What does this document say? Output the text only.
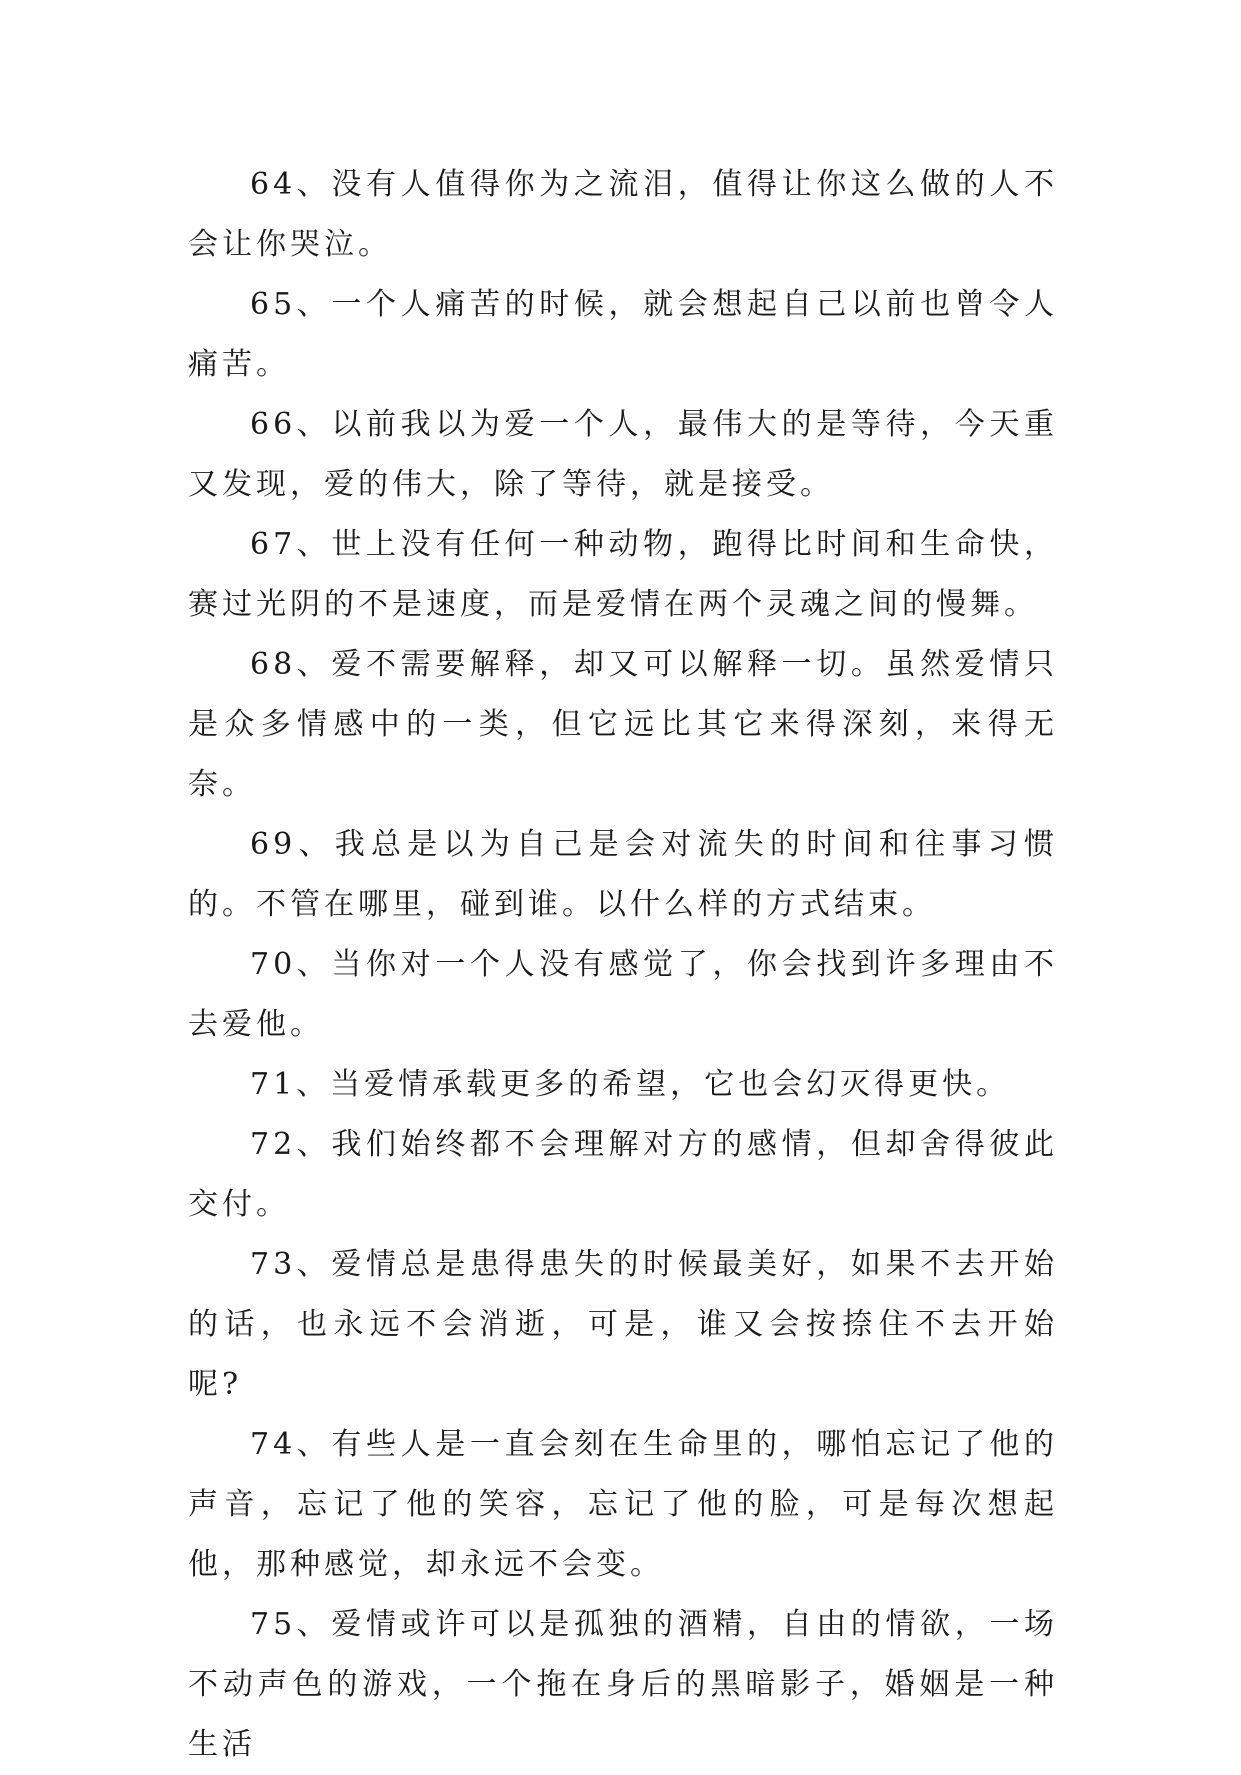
64、没有人值得你为之流泪，值得让你这么做的人不会让你哭泣。

65、一个人痛苦的时候，就会想起自己以前也曾令人痛苦。

66、以前我以为爱一个人，最伟大的是等待，今天重又发现，爱的伟大，除了等待，就是接受。

67、世上没有任何一种动物，跑得比时间和生命快，赛过光阴的不是速度，而是爱情在两个灵魂之间的慢舞。

68、爱不需要解释，却又可以解释一切。虽然爱情只是众多情感中的一类，但它远比其它来得深刻，来得无奈。

69、我总是以为自己是会对流失的时间和往事习惯的。不管在哪里，碰到谁。以什么样的方式结束。

70、当你对一个人没有感觉了，你会找到许多理由不去爱他。

71、当爱情承载更多的希望，它也会幻灭得更快。

72、我们始终都不会理解对方的感情，但却舍得彼此交付。

73、爱情总是患得患失的时候最美好，如果不去开始的话，也永远不会消逝，可是，谁又会按捺住不去开始呢?

74、有些人是一直会刻在生命里的，哪怕忘记了他的声音，忘记了他的笑容，忘记了他的脸，可是每次想起他，那种感觉，却永远不会变。

75、爱情或许可以是孤独的酒精，自由的情欲，一场不动声色的游戏，一个拖在身后的黑暗影子，婚姻是一种生活
